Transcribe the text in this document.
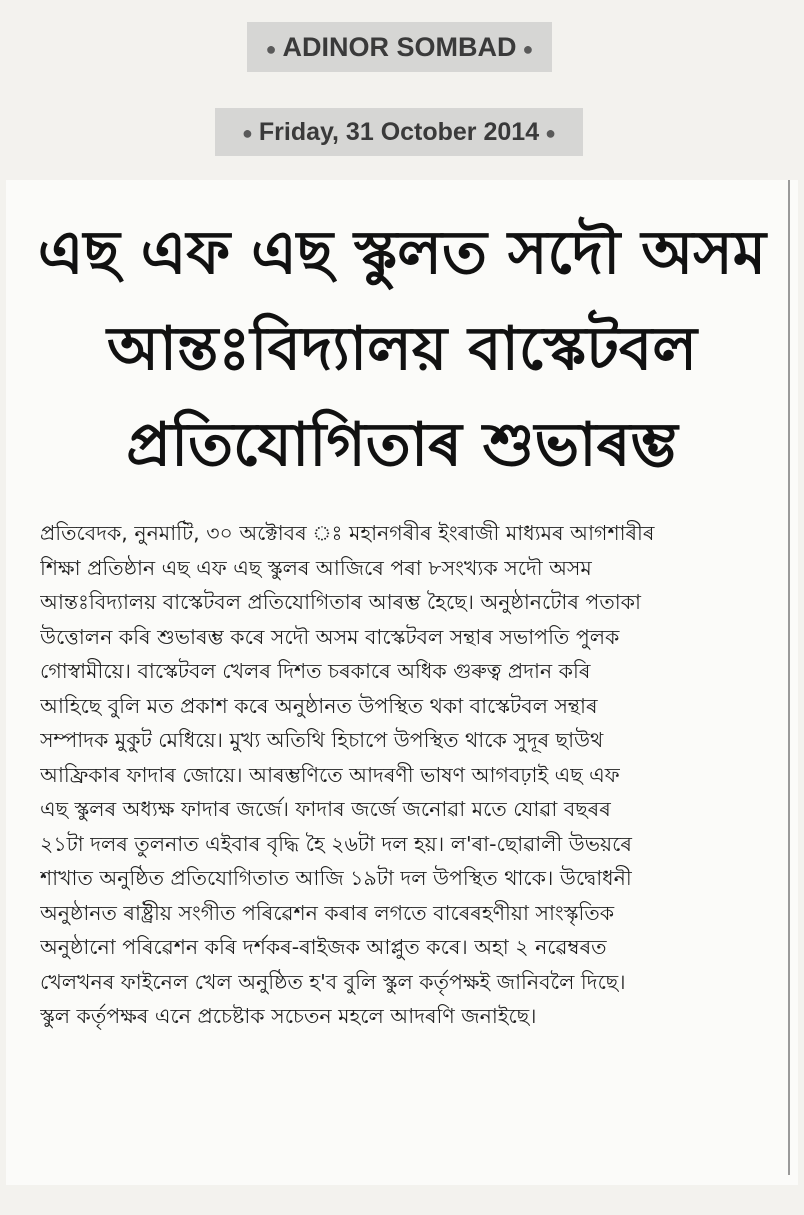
● ADINOR SOMBAD ●
● Friday, 31 October 2014 ●
এছ এফ এছ স্কুলত সদৌ অসম
আন্তঃবিদ্যালয় বাস্কেটবল
প্ৰতিযোগিতাৰ শুভাৰম্ভ
প্ৰতিবেদক, নুনমাটি, ৩০ অক্টোবৰ ঃ মহানগৰীৰ ইংৰাজী মাধ্যমৰ আগশাৰীৰ
শিক্ষা প্ৰতিষ্ঠান এছ এফ এছ স্কুলৰ আজিৰে পৰা ৮সংখ্যক সদৌ অসম
আন্তঃবিদ্যালয় বাস্কেটবল প্ৰতিযোগিতাৰ আৰম্ভ হৈছে। অনুষ্ঠানটোৰ পতাকা
উত্তোলন কৰি শুভাৰম্ভ কৰে সদৌ অসম বাস্কেটবল সন্থাৰ সভাপতি পুলক
গোস্বামীয়ে। বাস্কেটবল খেলৰ দিশত চৰকাৰে অধিক গুৰুত্ব প্ৰদান কৰি
আহিছে বুলি মত প্ৰকাশ কৰে অনুষ্ঠানত উপস্থিত থকা বাস্কেটবল সন্থাৰ
সম্পাদক মুকুট মেধিয়ে। মুখ্য অতিথি হিচাপে উপস্থিত থাকে সুদূৰ ছাউথ
আফ্ৰিকাৰ ফাদাৰ জোয়ে। আৰম্ভণিতে আদৰণী ভাষণ আগবঢ়াই এছ এফ
এছ স্কুলৰ অধ্যক্ষ ফাদাৰ জৰ্জে। ফাদাৰ জৰ্জে জনোৱা মতে যোৱা বছৰৰ
২১টা দলৰ তুলনাত এইবাৰ বৃদ্ধি হৈ ২৬টা দল হয়। ল'ৰা-ছোৱালী উভয়ৰে
শাখাত অনুষ্ঠিত প্ৰতিযোগিতাত আজি ১৯টা দল উপস্থিত থাকে। উদ্বোধনী
অনুষ্ঠানত ৰাষ্ট্ৰীয় সংগীত পৰিৱেশন কৰাৰ লগতে বাৰেৰহণীয়া সাংস্কৃতিক
অনুষ্ঠানো পৰিৱেশন কৰি দৰ্শকৰ-ৰাইজক আপ্লুত কৰে। অহা ২ নৱেম্বৰত
খেলখনৰ ফাইনেল খেল অনুষ্ঠিত হ'ব বুলি স্কুল কৰ্তৃপক্ষই জানিবলৈ দিছে।
স্কুল কৰ্তৃপক্ষৰ এনে প্ৰচেষ্টাক সচেতন মহলে আদৰণি জনাইছে।
